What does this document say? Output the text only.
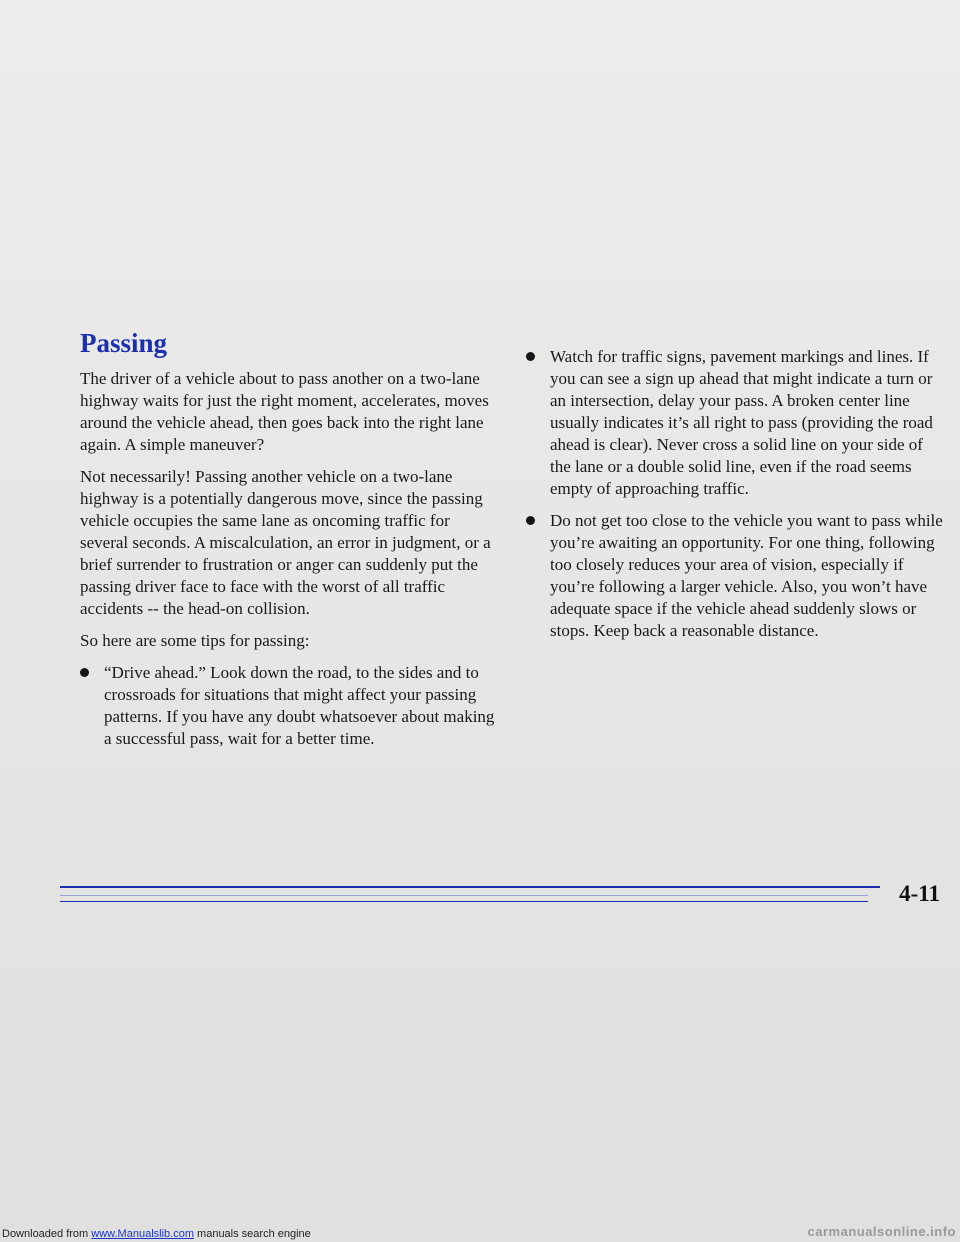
Passing

The driver of a vehicle about to pass another on a two-lane highway waits for just the right moment, accelerates, moves around the vehicle ahead, then goes back into the right lane again. A simple maneuver?

Not necessarily! Passing another vehicle on a two-lane highway is a potentially dangerous move, since the passing vehicle occupies the same lane as oncoming traffic for several seconds. A miscalculation, an error in judgment, or a brief surrender to frustration or anger can suddenly put the passing driver face to face with the worst of all traffic accidents -- the head-on collision.

So here are some tips for passing:

“Drive ahead.” Look down the road, to the sides and to crossroads for situations that might affect your passing patterns. If you have any doubt whatsoever about making a successful pass, wait for a better time.
Watch for traffic signs, pavement markings and lines. If you can see a sign up ahead that might indicate a turn or an intersection, delay your pass. A broken center line usually indicates it’s all right to pass (providing the road ahead is clear). Never cross a solid line on your side of the lane or a double solid line, even if the road seems empty of approaching traffic.
Do not get too close to the vehicle you want to pass while you’re awaiting an opportunity. For one thing, following too closely reduces your area of vision, especially if you’re following a larger vehicle. Also, you won’t have adequate space if the vehicle ahead suddenly slows or stops. Keep back a reasonable distance.

4-11

Downloaded from www.Manualslib.com manuals search engine	carmanualsonline.info
